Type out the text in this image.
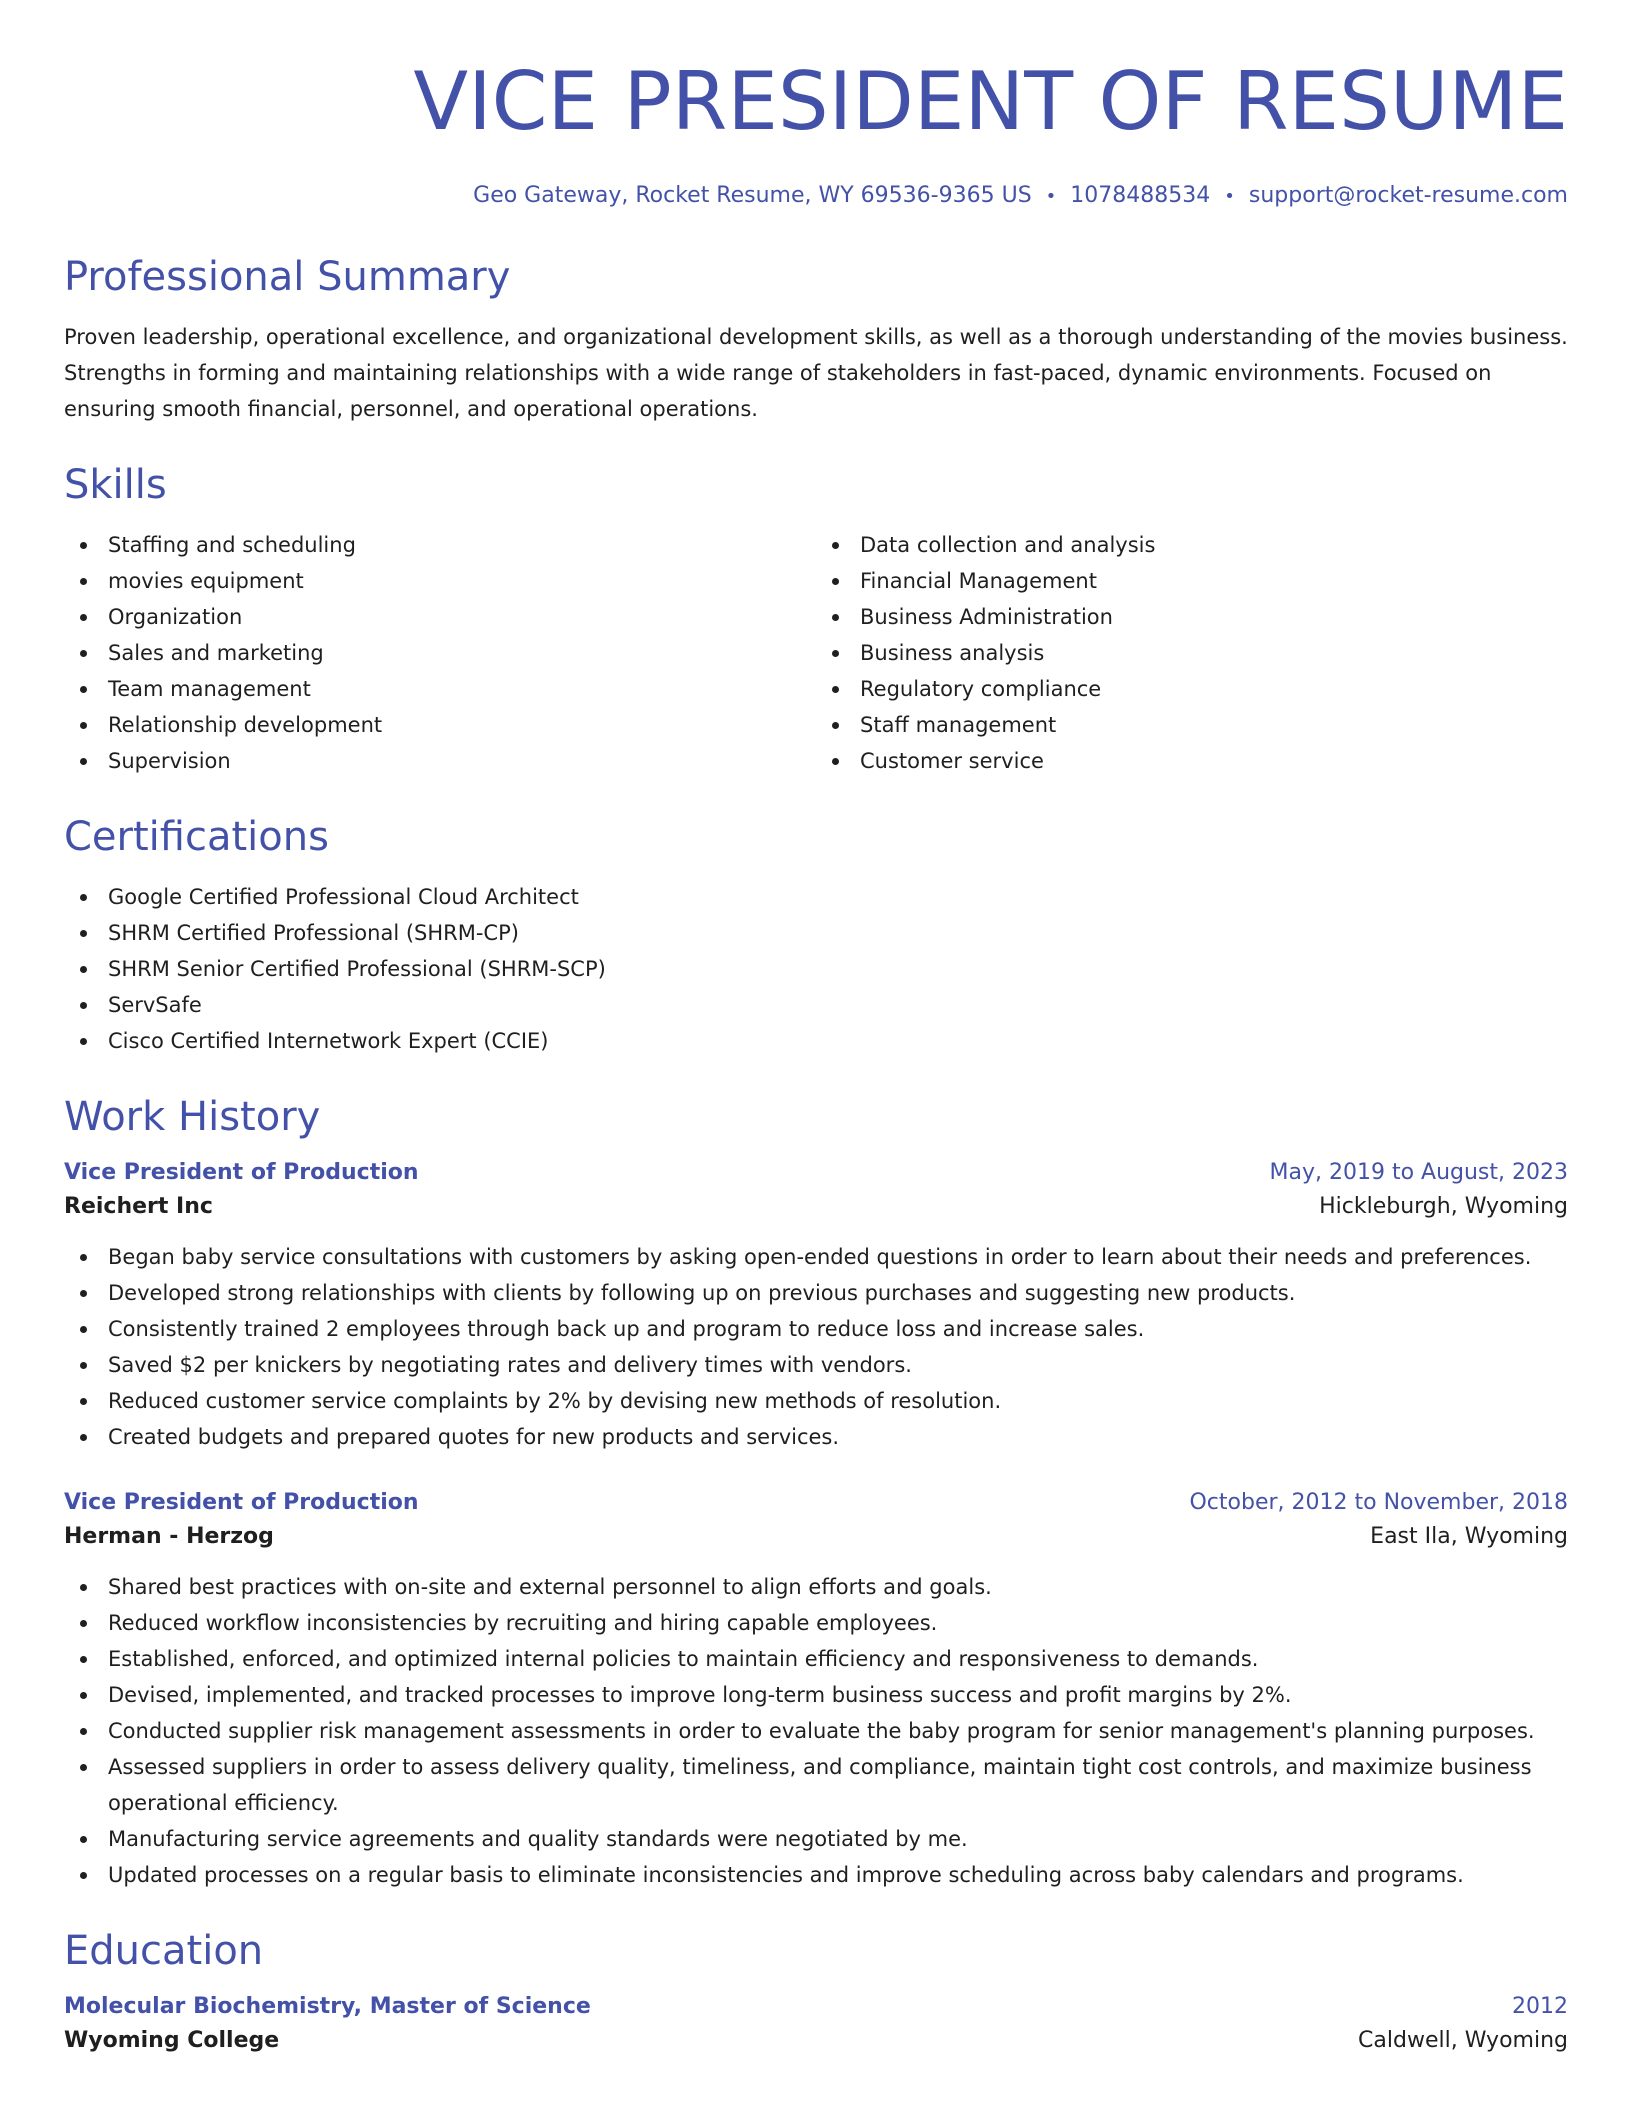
VICE PRESIDENT OF RESUME
Geo Gateway, Rocket Resume, WY 69536-9365 US • 1078488534 • support@rocket-resume.com
Professional Summary

Proven leadership, operational excellence, and organizational development skills, as well as a thorough understanding of the movies business. Strengths in forming and maintaining relationships with a wide range of stakeholders in fast-paced, dynamic environments. Focused on ensuring smooth financial, personnel, and operational operations.

Skills
Staffing and scheduling
movies equipment
Organization
Sales and marketing
Team management
Relationship development
Supervision
Data collection and analysis
Financial Management
Business Administration
Business analysis
Regulatory compliance
Staff management
Customer service
Certifications
Google Certified Professional Cloud Architect
SHRM Certified Professional (SHRM-CP)
SHRM Senior Certified Professional (SHRM-SCP)
ServSafe
Cisco Certified Internetwork Expert (CCIE)
Work History
Vice President of Production	May, 2019 to August, 2023
Reichert Inc	Hickleburgh, Wyoming
Began baby service consultations with customers by asking open-ended questions in order to learn about their needs and preferences.
Developed strong relationships with clients by following up on previous purchases and suggesting new products.
Consistently trained 2 employees through back up and program to reduce loss and increase sales.
Saved $2 per knickers by negotiating rates and delivery times with vendors.
Reduced customer service complaints by 2% by devising new methods of resolution.
Created budgets and prepared quotes for new products and services.
Vice President of Production	October, 2012 to November, 2018
Herman - Herzog	East Ila, Wyoming
Shared best practices with on-site and external personnel to align efforts and goals.
Reduced workflow inconsistencies by recruiting and hiring capable employees.
Established, enforced, and optimized internal policies to maintain efficiency and responsiveness to demands.
Devised, implemented, and tracked processes to improve long-term business success and profit margins by 2%.
Conducted supplier risk management assessments in order to evaluate the baby program for senior management's planning purposes.
Assessed suppliers in order to assess delivery quality, timeliness, and compliance, maintain tight cost controls, and maximize business operational efficiency.
Manufacturing service agreements and quality standards were negotiated by me.
Updated processes on a regular basis to eliminate inconsistencies and improve scheduling across baby calendars and programs.
Education
Molecular Biochemistry, Master of Science	2012
Wyoming College	Caldwell, Wyoming
